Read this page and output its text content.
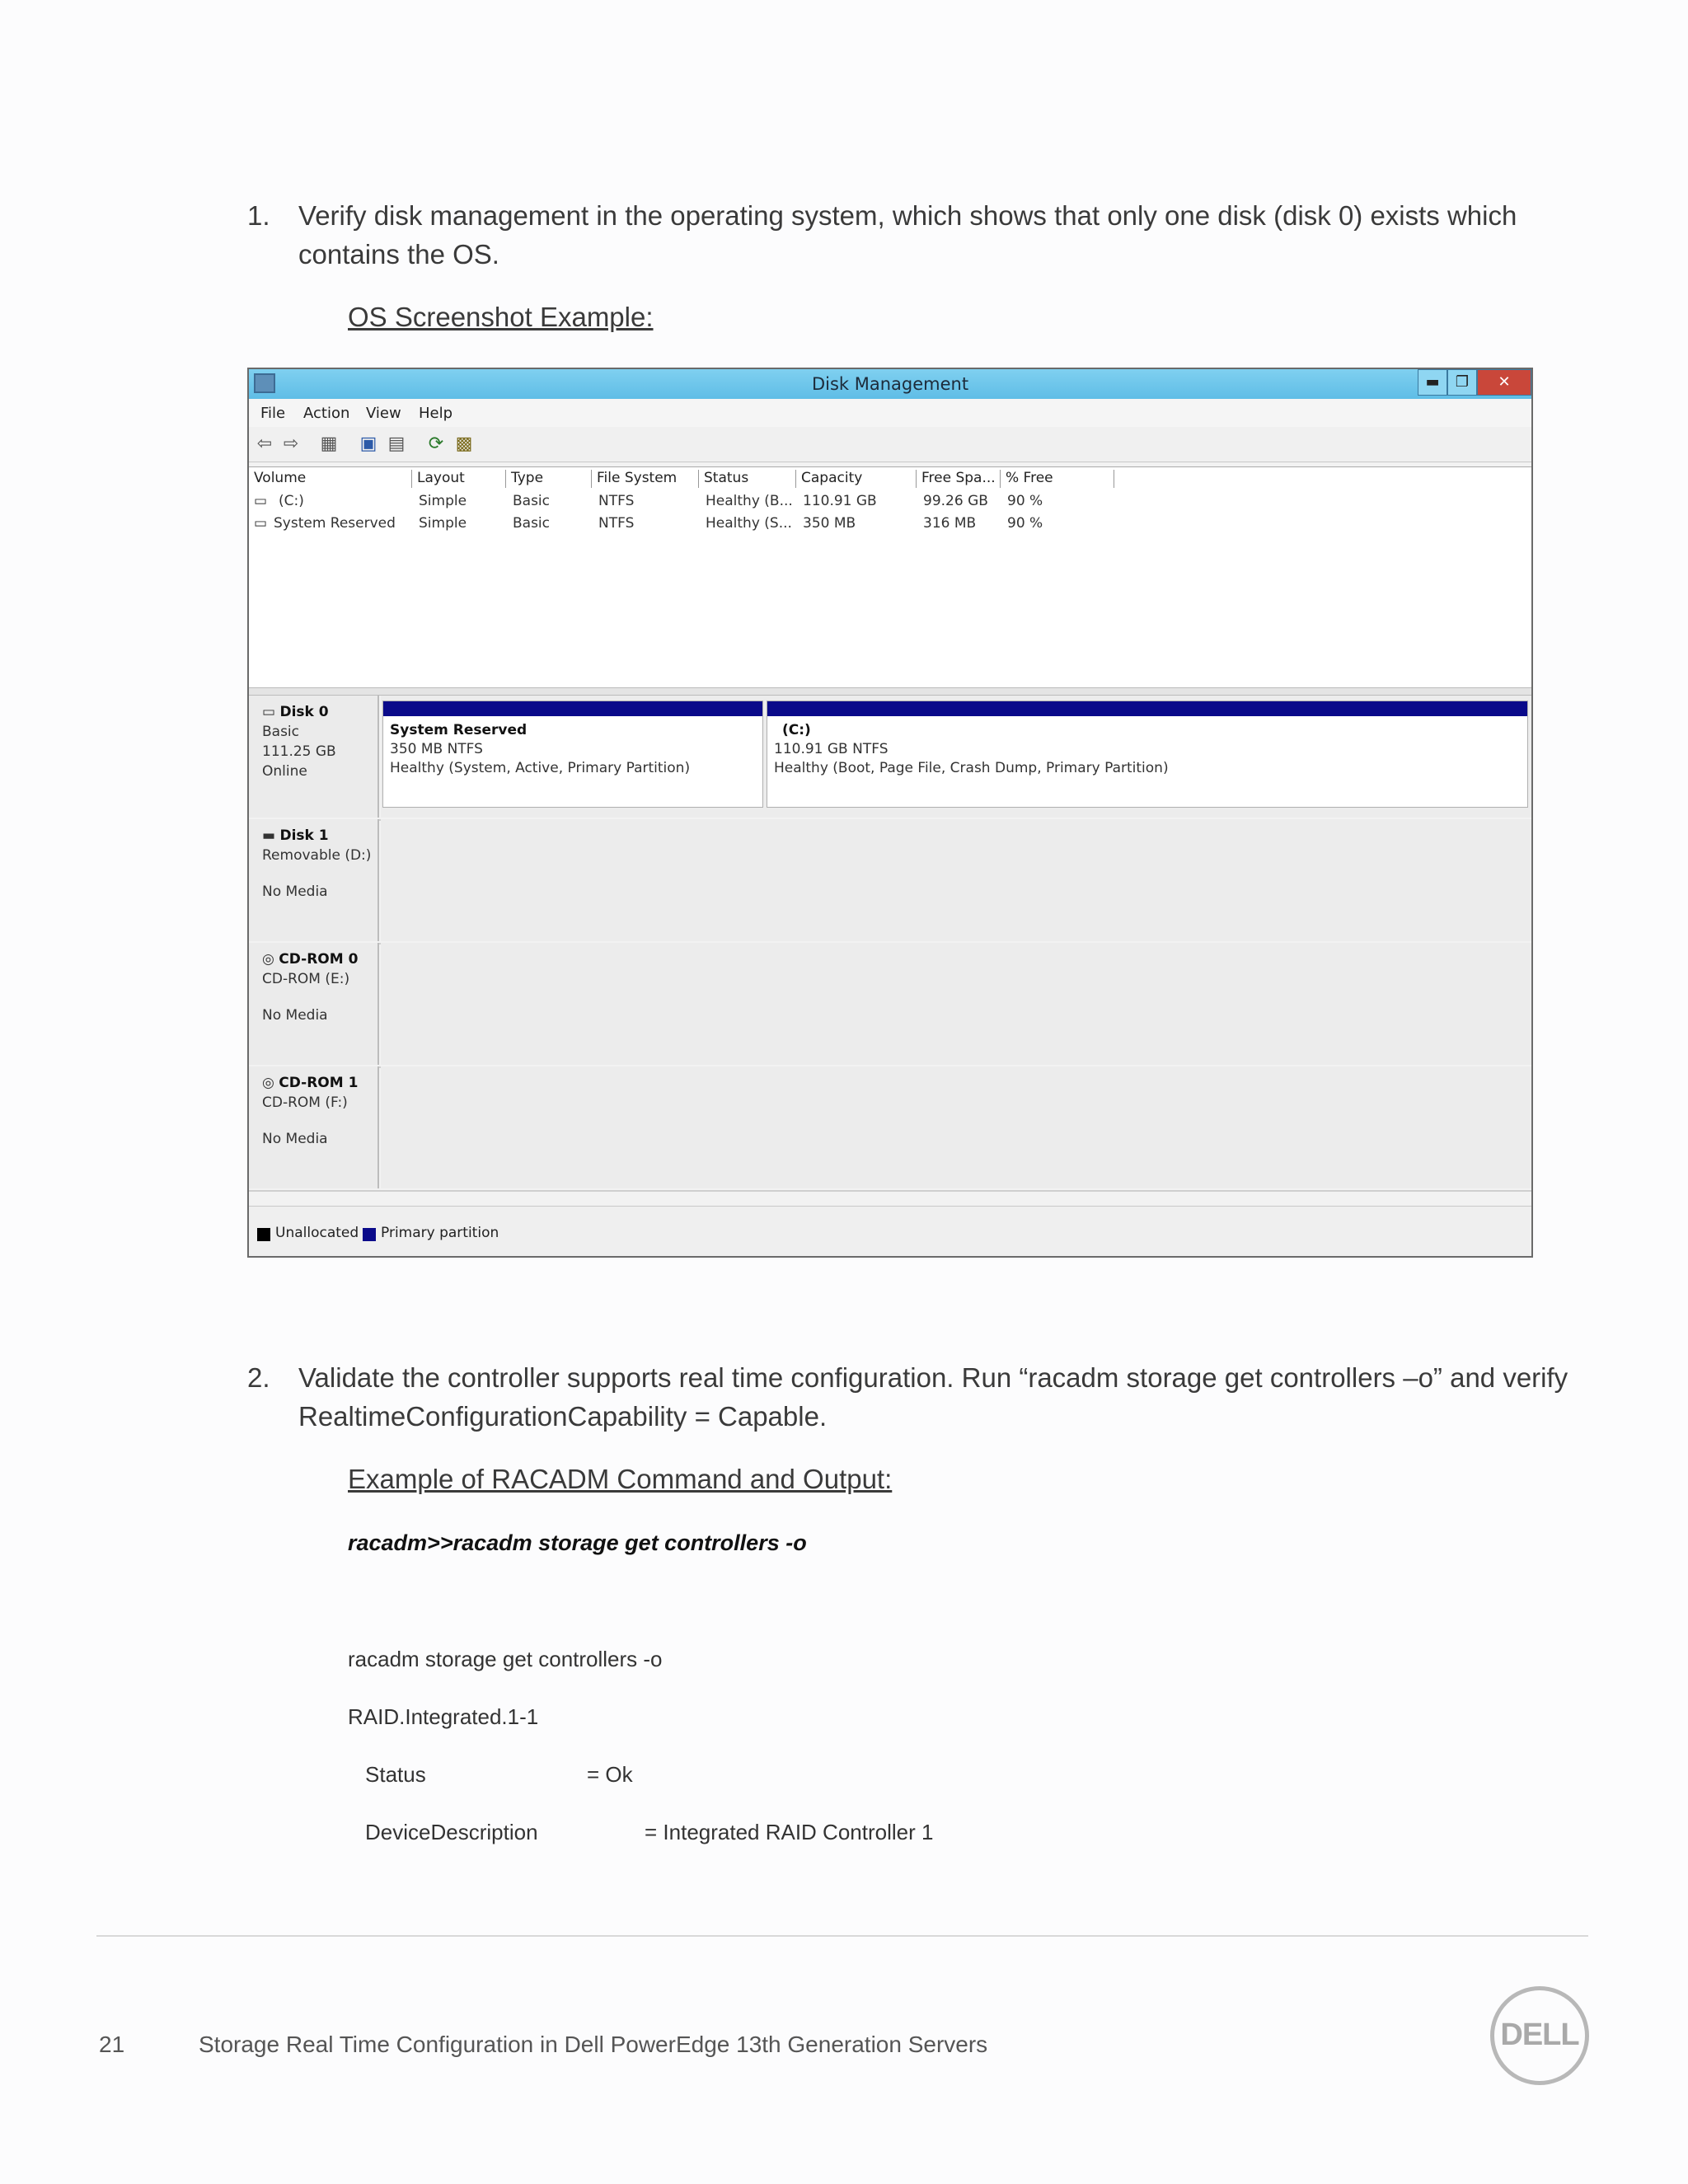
1. Verify disk management in the operating system, which shows that only one disk (disk 0) exists which contains the OS.
OS Screenshot Example:
Disk Management	▬	❐	✕
File Action View Help
⇦ ⇨ ▦ ▣ ▤ ⟳ ▩
Volume	Layout	Type	File System	Status	Capacity	Free Spa... % Free
▭ (C:)	Simple	Basic	NTFS	Healthy (B... 110.91 GB	99.26 GB 90 %
▭ System Reserved Simple	Basic	NTFS	Healthy (S... 350 MB	316 MB 90 %
▭ Disk 0
Basic
111.25 GB
Online
System Reserved
350 MB NTFS
Healthy (System, Active, Primary Partition)
(C:)
110.91 GB NTFS
Healthy (Boot, Page File, Crash Dump, Primary Partition)
▬ Disk 1
Removable (D:)
No Media
◎ CD-ROM 0
CD-ROM (E:)
No Media
◎ CD-ROM 1
CD-ROM (F:)
No Media
Unallocated Primary partition
2. Validate the controller supports real time configuration. Run “racadm storage get controllers –o” and verify RealtimeConfigurationCapability = Capable.
Example of RACADM Command and Output:
racadm>>racadm storage get controllers -o
racadm storage get controllers -o
RAID.Integrated.1-1
Status	= Ok
DeviceDescription	= Integrated RAID Controller 1
21	Storage Real Time Configuration in Dell PowerEdge 13th Generation Servers	DELL
